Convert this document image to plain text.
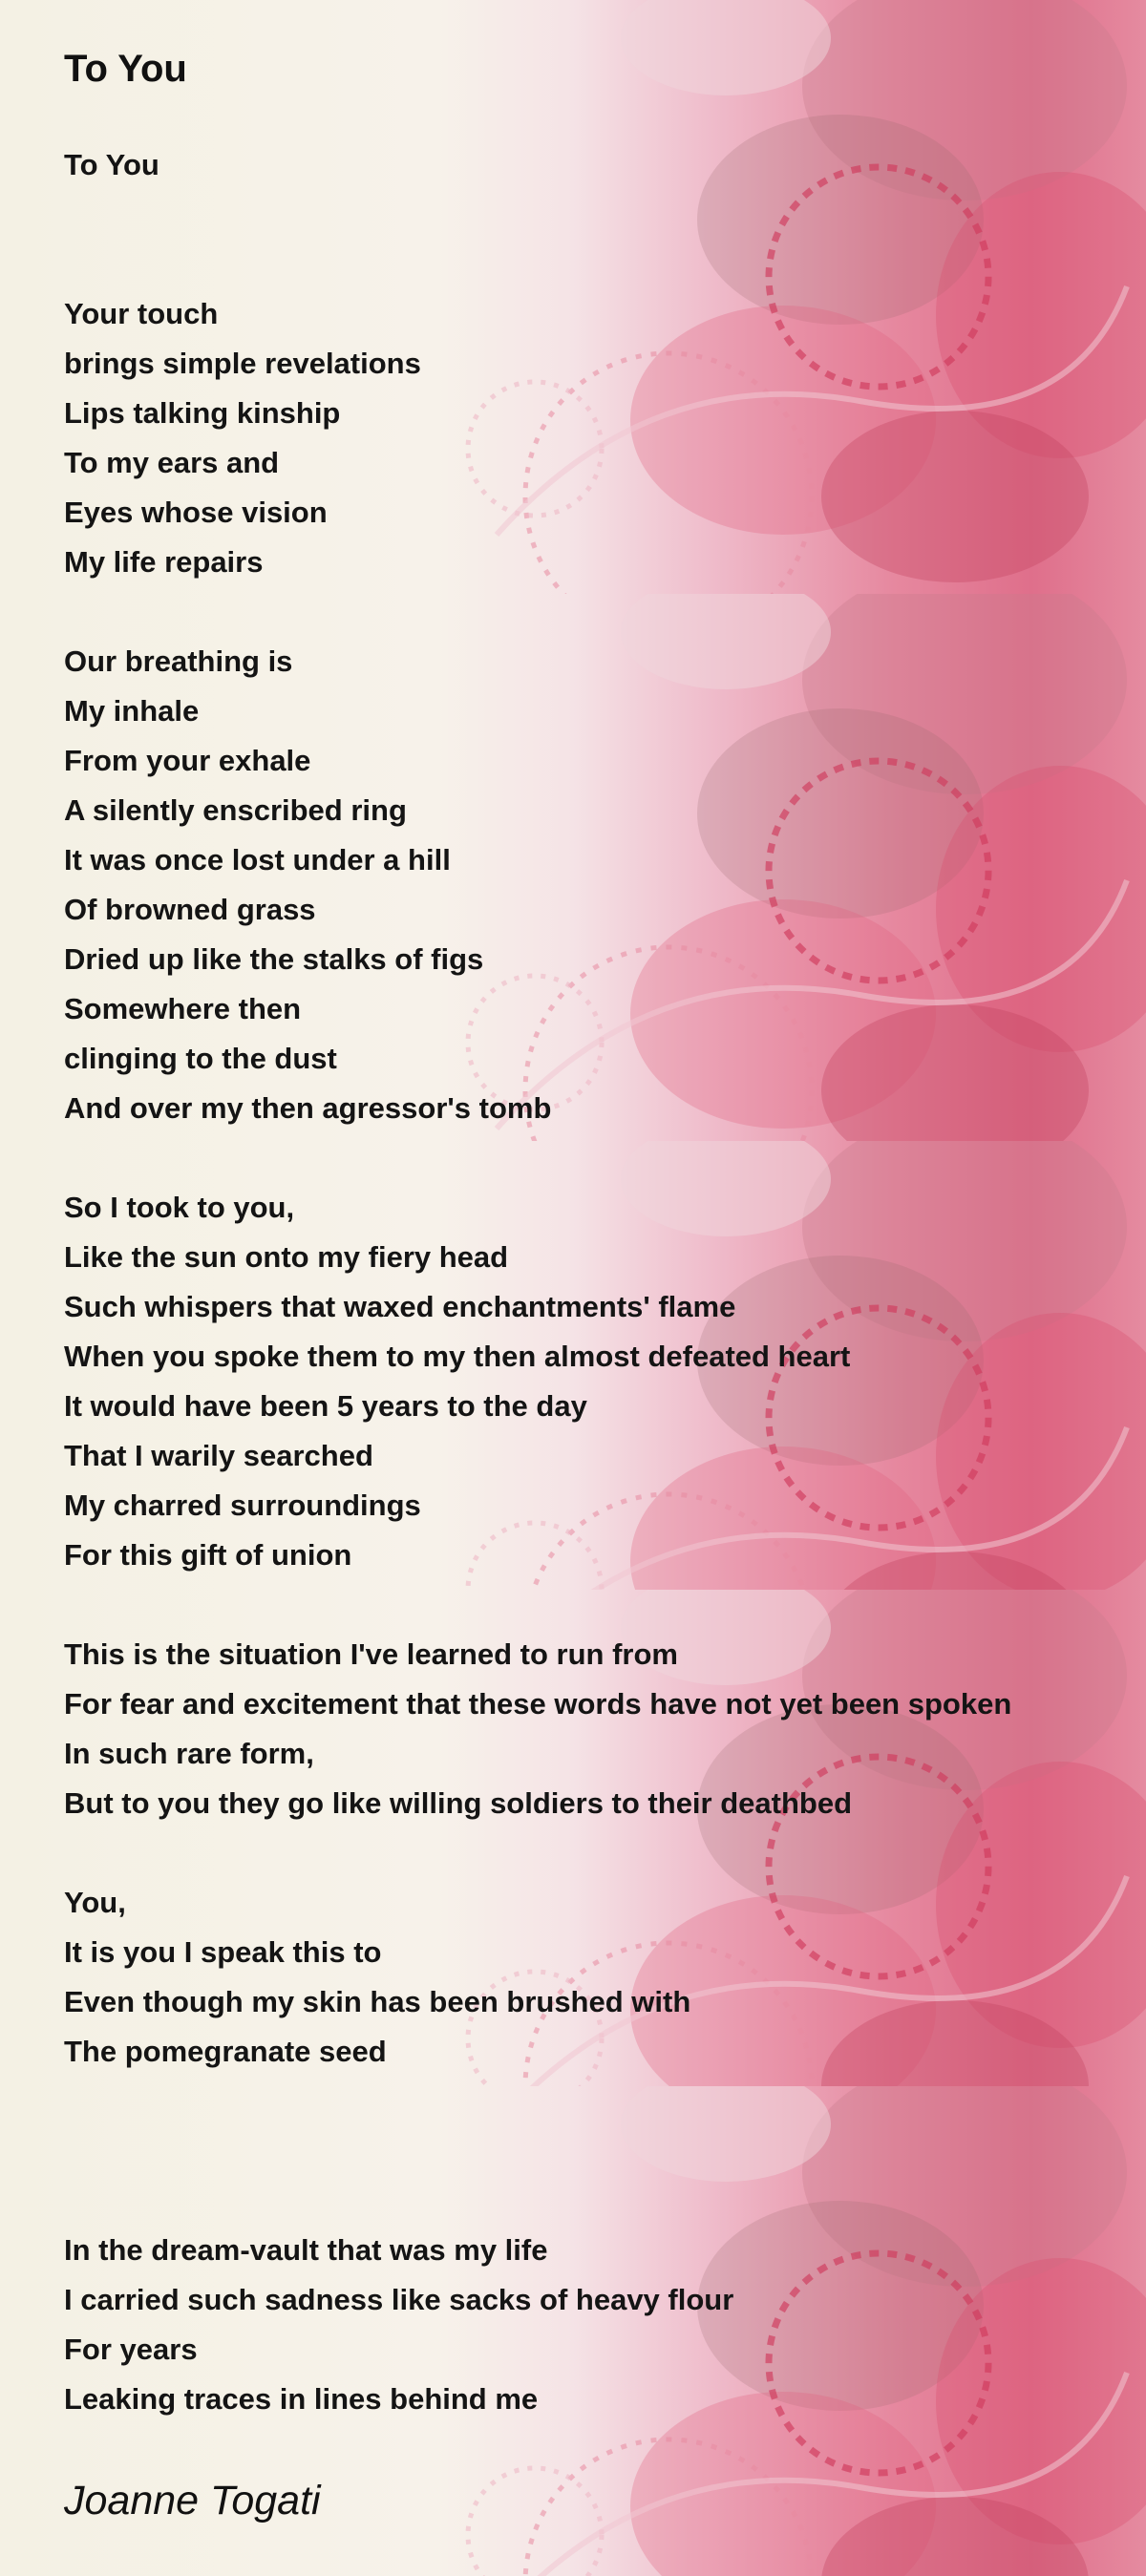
To You
To You
Your touch
brings simple revelations
Lips talking kinship
To my ears and
Eyes whose vision
My life repairs
Our breathing is
My inhale
From your exhale
A silently enscribed ring
It was once lost under a hill
Of browned grass
Dried up like the stalks of figs
Somewhere then
clinging to the dust
And over my then agressor's tomb
So I took to you,
Like the sun onto my fiery head
Such whispers that waxed enchantments' flame
When you spoke them to my then almost defeated heart
It would have been 5 years to the day
That I warily searched
My charred surroundings
For this gift of union
This is the situation I've learned to run from
For fear and excitement that these words have not yet been spoken
In such rare form,
But to you they go like willing soldiers to their deathbed
You,
It is you I speak this to
Even though my skin has been brushed with
The pomegranate seed
In the dream-vault that was my life
I carried such sadness like sacks of heavy flour
For years
Leaking traces in lines behind me
Joanne Togati
